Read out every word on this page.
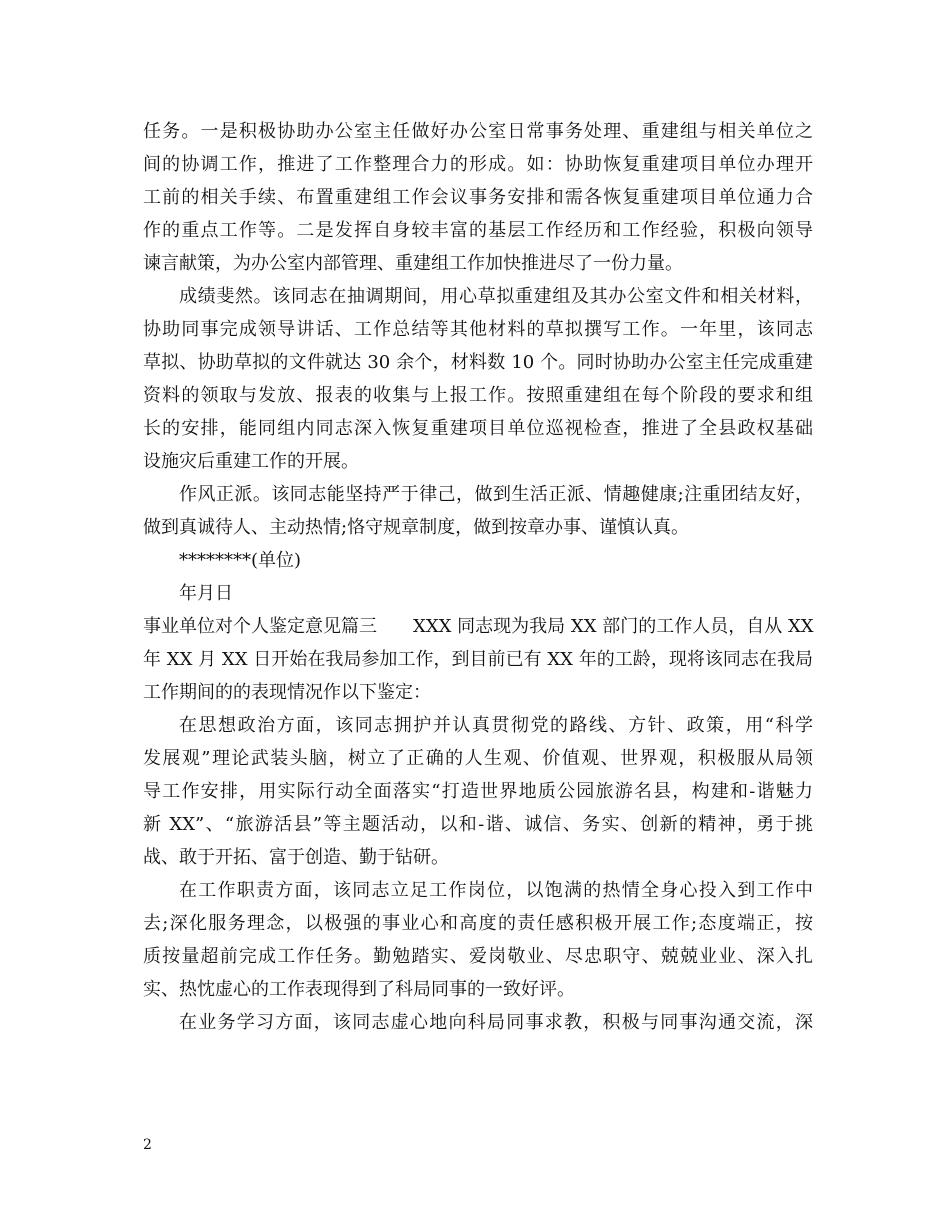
任务。一是积极协助办公室主任做好办公室日常事务处理、重建组与相关单位之
间的协调工作，推进了工作整理合力的形成。如：协助恢复重建项目单位办理开
工前的相关手续、布置重建组工作会议事务安排和需各恢复重建项目单位通力合
作的重点工作等。二是发挥自身较丰富的基层工作经历和工作经验，积极向领导
谏言献策，为办公室内部管理、重建组工作加快推进尽了一份力量。
成绩斐然。该同志在抽调期间，用心草拟重建组及其办公室文件和相关材料，
协助同事完成领导讲话、工作总结等其他材料的草拟撰写工作。一年里，该同志
草拟、协助草拟的文件就达 30 余个，材料数 10 个。同时协助办公室主任完成重建
资料的领取与发放、报表的收集与上报工作。按照重建组在每个阶段的要求和组
长的安排，能同组内同志深入恢复重建项目单位巡视检查，推进了全县政权基础
设施灾后重建工作的开展。
作风正派。该同志能坚持严于律己，做到生活正派、情趣健康;注重团结友好，
做到真诚待人、主动热情;恪守规章制度，做到按章办事、谨慎认真。
********(单位)
年月日
事业单位对个人鉴定意见篇三　　XXX 同志现为我局 XX 部门的工作人员，自从 XX
年 XX 月 XX 日开始在我局参加工作，到目前已有 XX 年的工龄，现将该同志在我局
工作期间的的表现情况作以下鉴定：
在思想政治方面，该同志拥护并认真贯彻党的路线、方针、政策，用“科学
发展观”理论武装头脑，树立了正确的人生观、价值观、世界观，积极服从局领
导工作安排，用实际行动全面落实“打造世界地质公园旅游名县，构建和-谐魅力
新 XX”、“旅游活县”等主题活动，以和-谐、诚信、务实、创新的精神，勇于挑
战、敢于开拓、富于创造、勤于钻研。
在工作职责方面，该同志立足工作岗位，以饱满的热情全身心投入到工作中
去;深化服务理念，以极强的事业心和高度的责任感积极开展工作;态度端正，按
质按量超前完成工作任务。勤勉踏实、爱岗敬业、尽忠职守、兢兢业业、深入扎
实、热忱虚心的工作表现得到了科局同事的一致好评。
在业务学习方面，该同志虚心地向科局同事求教，积极与同事沟通交流，深
2
